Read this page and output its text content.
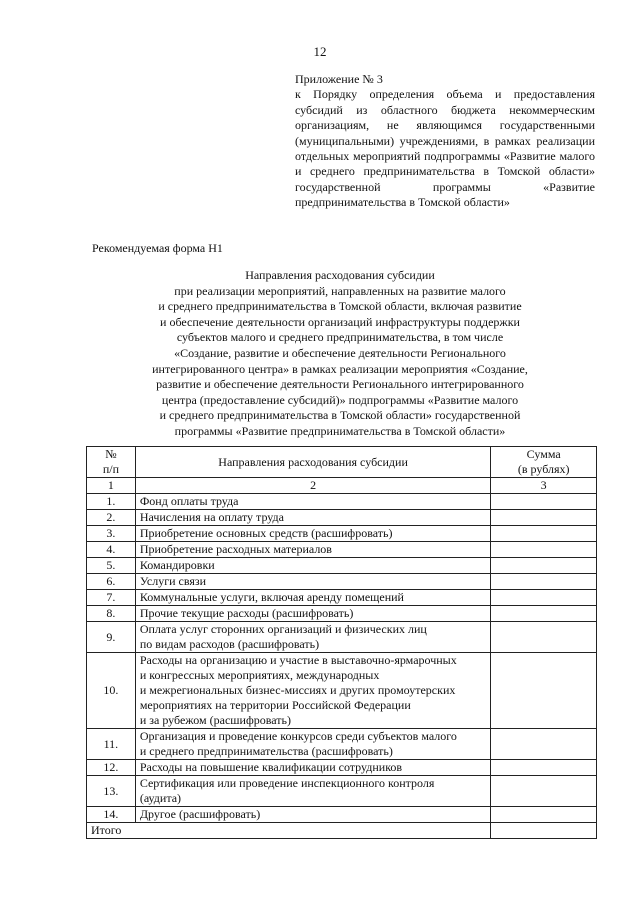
12
Приложение № 3
к Порядку определения объема и предоставления субсидий из областного бюджета некоммерческим организациям, не являющимся государственными (муниципальными) учреждениями, в рамках реализации отдельных мероприятий подпрограммы «Развитие малого и среднего предпринимательства в Томской области» государственной программы «Развитие предпринимательства в Томской области»
Рекомендуемая форма Н1
Направления расходования субсидии
при реализации мероприятий, направленных на развитие малого
и среднего предпринимательства в Томской области, включая развитие
и обеспечение деятельности организаций инфраструктуры поддержки
субъектов малого и среднего предпринимательства, в том числе
«Создание, развитие и обеспечение деятельности Регионального
интегрированного центра» в рамках реализации мероприятия «Создание,
развитие и обеспечение деятельности Регионального интегрированного
центра (предоставление субсидий)» подпрограммы «Развитие малого
и среднего предпринимательства в Томской области» государственной
программы «Развитие предпринимательства в Томской области»
№
п/п	Направления расходования субсидии	Сумма
(в рублях)
1	2	3
1.	Фонд оплаты труда	
2.	Начисления на оплату труда	
3.	Приобретение основных средств (расшифровать)	
4.	Приобретение расходных материалов	
5.	Командировки	
6.	Услуги связи	
7.	Коммунальные услуги, включая аренду помещений	
8.	Прочие текущие расходы (расшифровать)	
9.	Оплата услуг сторонних организаций и физических лиц
по видам расходов (расшифровать)	
10.	Расходы на организацию и участие в выставочно-ярмарочных
и конгрессных мероприятиях, международных
и межрегиональных бизнес-миссиях и других промоутерских
мероприятиях на территории Российской Федерации
и за рубежом (расшифровать)	
11.	Организация и проведение конкурсов среди субъектов малого
и среднего предпринимательства (расшифровать)	
12.	Расходы на повышение квалификации сотрудников	
13.	Сертификация или проведение инспекционного контроля
(аудита)	
14.	Другое (расшифровать)	
Итого		
